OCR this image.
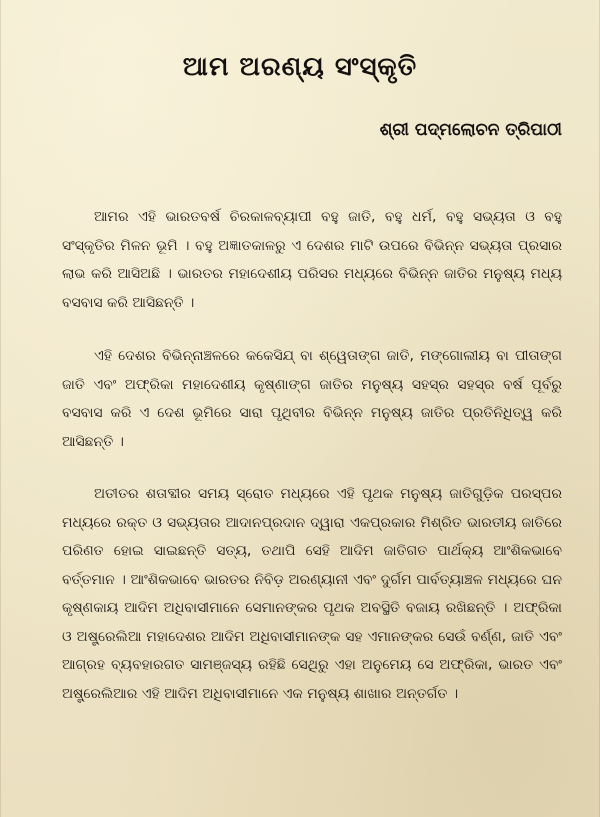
ଆମ ଅରଣ୍ୟ ସଂସ୍କୃତି
ଶ୍ରୀ ପଦ୍ମଲୋଚନ ତ୍ରିପାଠୀ

ଆମର ଏହି ଭାରତବର୍ଷ ଚିରକାଳବ୍ୟାପୀ ବହୁ ଜାତି, ବହୁ ଧର୍ମ, ବହୁ ସଭ୍ୟତା ଓ ବହୁ ସଂସ୍କୃତିର ମିଳନ ଭୂମି । ବହୁ ଅଜ୍ଞାତକାଳରୁ ଏ ଦେଶର ମାଟି ଉପରେ ବିଭିନ୍ନ ସଭ୍ୟତା ପ୍ରସାର ଲାଭ କରି ଆସିଅଛି । ଭାରତର ମହାଦେଶୀୟ ପରିସର ମଧ୍ୟରେ ବିଭିନ୍ନ ଜାତିର ମନୁଷ୍ୟ ମଧ୍ୟ ବସବାସ କରି ଆସିଛନ୍ତି ।

ଏହି ଦେଶର ବିଭିନ୍ନାଞ୍ଚଳରେ କକେସିଯ୍ ବା ଶ୍ୱେତାଙ୍ଗ ଜାତି, ମଙ୍ଗୋଲୀୟ ବା ପୀତାଙ୍ଗ ଜାତି ଏବଂ ଅଫ୍ରିକା ମହାଦେଶୀୟ କୃଷ୍ଣାଙ୍ଗ ଜାତିର ମନୁଷ୍ୟ ସହସ୍ର ସହସ୍ର ବର୍ଷ ପୂର୍ବରୁ ବସବାସ କରି ଏ ଦେଶ ଭୂମିରେ ସାରା ପୃଥିବୀର ବିଭିନ୍ନ ମନୁଷ୍ୟ ଜାତିର ପ୍ରତିନିଧିତ୍ୱ କରି ଆସିଛନ୍ତି ।

ଅତୀତର ଶତାବ୍ଦୀର ସମୟ ସ୍ରୋତ ମଧ୍ୟରେ ଏହି ପୃଥକ ମନୁଷ୍ୟ ଜାତିଗୁଡ଼ିକ ପରସ୍ପର ମଧ୍ୟରେ ରକ୍ତ ଓ ସଭ୍ୟତାର ଆଦାନପ୍ରଦାନ ଦ୍ୱାରା ଏକପ୍ରକାର ମିଶ୍ରିତ ଭାରତୀୟ ଜାତିରେ ପରିଣତ ହୋଇ ସାଇଛନ୍ତି ସତ୍ୟ, ତଥାପି ସେହି ଆଦିମ ଜାତିଗତ ପାର୍ଥକ୍ୟ ଆଂଶିକଭାବେ ବର୍ତ୍ତମାନ । ଆଂଶିକଭାବେ ଭାରତର ନିବିଡ଼ ଅରଣ୍ୟାନୀ ଏବଂ ଦୁର୍ଗମ ପାର୍ବତ୍ୟାଞ୍ଚଳ ମଧ୍ୟରେ ଘନ କୃଷ୍ଣକାୟ ଆଦିମ ଅଧିବାସୀମାନେ ସେମାନଙ୍କର ପୃଥକ ଅବସ୍ଥିତି ବଜାୟ ରଖିଛନ୍ତି । ଅଫ୍ରିକା ଓ ଅଷ୍ଟ୍ରେଲିଆ ମହାଦେଶର ଆଦିମ ଅଧିବାସୀମାନଙ୍କ ସହ ଏମାନଙ୍କର ସେଉଁ ବର୍ଣ୍ଣ, ଜାତି ଏବଂ ଆଗ୍ରହ ବ୍ୟବହାରଗତ ସାମଞ୍ଜସ୍ୟ ରହିଛି ସେଥିରୁ ଏହା ଅନୁମେୟ ସେ ଅଫ୍ରିକା, ଭାରତ ଏବଂ ଅଷ୍ଟ୍ରେଲିଆର ଏହି ଆଦିମ ଅଧିବାସୀମାନେ ଏକ ମନୁଷ୍ୟ ଶାଖାର ଅନ୍ତର୍ଗତ ।
